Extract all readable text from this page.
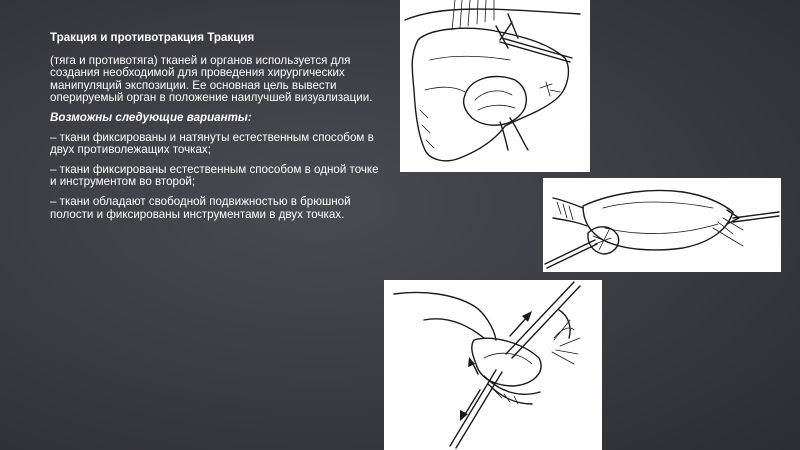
Тракция и противотракция Тракция

(тяга и противотяга) тканей и органов используется для создания необходимой для проведения хирургических манипуляций экспозиции. Ее основная цель вывести оперируемый орган в положение наилучшей визуализации.

Возможны следующие варианты:

– ткани фиксированы и натянуты естественным способом в двух противолежащих точках;

– ткани фиксированы естественным способом в одной точке и инструментом во второй;

– ткани обладают свободной подвижностью в брюшной полости и фиксированы инструментами в двух точках.
